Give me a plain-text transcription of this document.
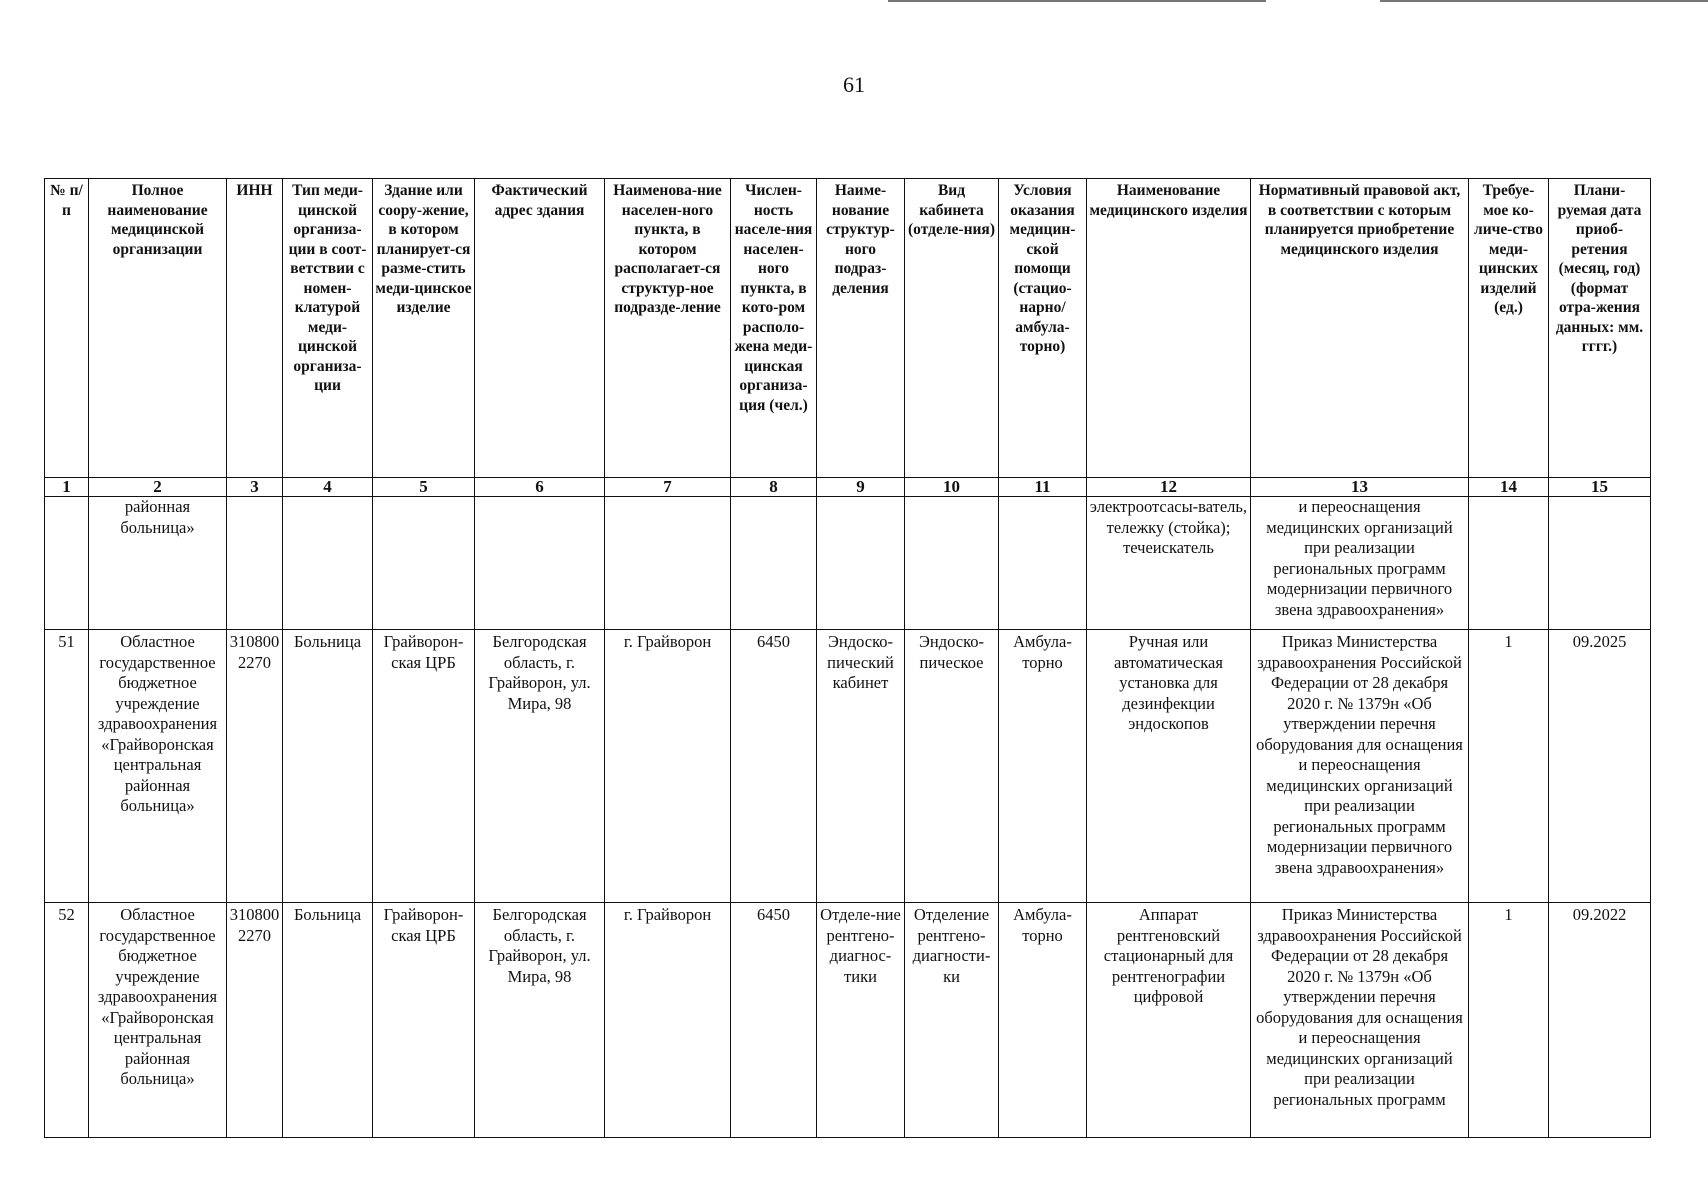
61
№ п/п	Полное наименование медицинской организации	ИНН	Тип меди-цинской организа-ции в соот-ветствии с номен-клатурой меди-цинской организа-ции	Здание или соору-жение, в котором планирует-ся разме-стить меди-цинское изделие	Фактический адрес здания	Наименова-ние населен-ного пункта, в котором располагает-ся структур-ное подразде-ление	Числен-ность населе-ния населен-ного пункта, в кото-ром располо-жена меди-цинская организа-ция (чел.)	Наиме-нование структур-ного подраз-деления	Вид кабинета (отделе-ния)	Условия оказания медицин-ской помощи (стацио-нарно/ амбула-торно)	Наименование медицинского изделия	Нормативный правовой акт, в соответствии с которым планируется приобретение медицинского изделия	Требуе-мое ко-личе-ство меди-цинских изделий (ед.)	Плани-руемая дата приоб-ретения (месяц, год) (формат отра-жения данных: мм. гггг.)
1	2	3	4	5	6	7	8	9	10	11	12	13	14	15
	районная больница»										электроотсасы-ватель, тележку (стойка); течеискатель	и переоснащения медицинских организаций при реализации региональных программ модернизации первичного звена здравоохранения»		
51	Областное государственное бюджетное учреждение здравоохранения «Грайворонская центральная районная больница»	3108002270	Больница	Грайворон-ская ЦРБ	Белгородская область, г. Грайворон, ул. Мира, 98	г. Грайворон	6450	Эндоско-пический кабинет	Эндоско-пическое	Амбула-торно	Ручная или автоматическая установка для дезинфекции эндоскопов	Приказ Министерства здравоохранения Российской Федерации от 28 декабря 2020 г. № 1379н «Об утверждении перечня оборудования для оснащения и переоснащения медицинских организаций при реализации региональных программ модернизации первичного звена здравоохранения»	1	09.2025
52	Областное государственное бюджетное учреждение здравоохранения «Грайворонская центральная районная больница»	3108002270	Больница	Грайворон-ская ЦРБ	Белгородская область, г. Грайворон, ул. Мира, 98	г. Грайворон	6450	Отделе-ние рентгено-диагнос-тики	Отделение рентгено-диагности-ки	Амбула-торно	Аппарат рентгеновский стационарный для рентгенографии цифровой	Приказ Министерства здравоохранения Российской Федерации от 28 декабря 2020 г. № 1379н «Об утверждении перечня оборудования для оснащения и переоснащения медицинских организаций при реализации региональных программ	1	09.2022
